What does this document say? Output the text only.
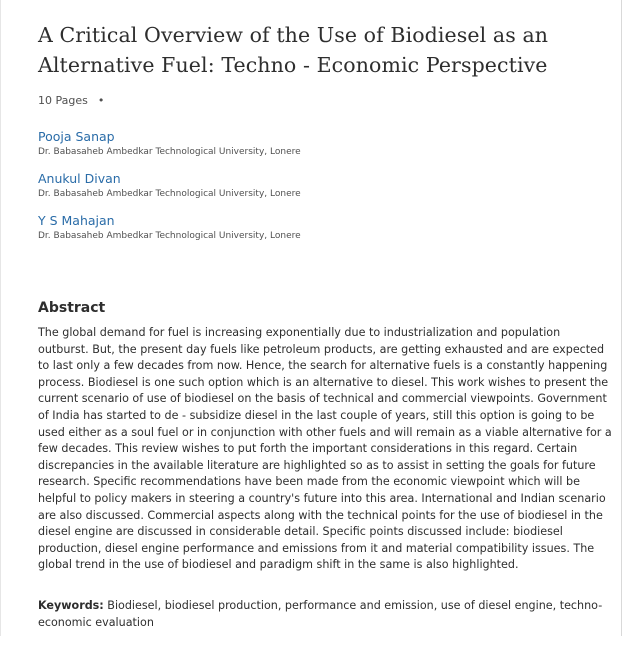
A Critical Overview of the Use of Biodiesel as an Alternative Fuel: Techno - Economic Perspective
10 Pages •
Pooja Sanap
Dr. Babasaheb Ambedkar Technological University, Lonere
Anukul Divan
Dr. Babasaheb Ambedkar Technological University, Lonere
Y S Mahajan
Dr. Babasaheb Ambedkar Technological University, Lonere
Abstract

The global demand for fuel is increasing exponentially due to industrialization and population outburst. But, the present day fuels like petroleum products, are getting exhausted and are expected to last only a few decades from now. Hence, the search for alternative fuels is a constantly happening process. Biodiesel is one such option which is an alternative to diesel. This work wishes to present the current scenario of use of biodiesel on the basis of technical and commercial viewpoints. Government of India has started to de - subsidize diesel in the last couple of years, still this option is going to be used either as a soul fuel or in conjunction with other fuels and will remain as a viable alternative for a few decades. This review wishes to put forth the important considerations in this regard. Certain discrepancies in the available literature are highlighted so as to assist in setting the goals for future research. Specific recommendations have been made from the economic viewpoint which will be helpful to policy makers in steering a country's future into this area. International and Indian scenario are also discussed. Commercial aspects along with the technical points for the use of biodiesel in the diesel engine are discussed in considerable detail. Specific points discussed include: biodiesel production, diesel engine performance and emissions from it and material compatibility issues. The global trend in the use of biodiesel and paradigm shift in the same is also highlighted.

Keywords: Biodiesel, biodiesel production, performance and emission, use of diesel engine, techno-economic evaluation
